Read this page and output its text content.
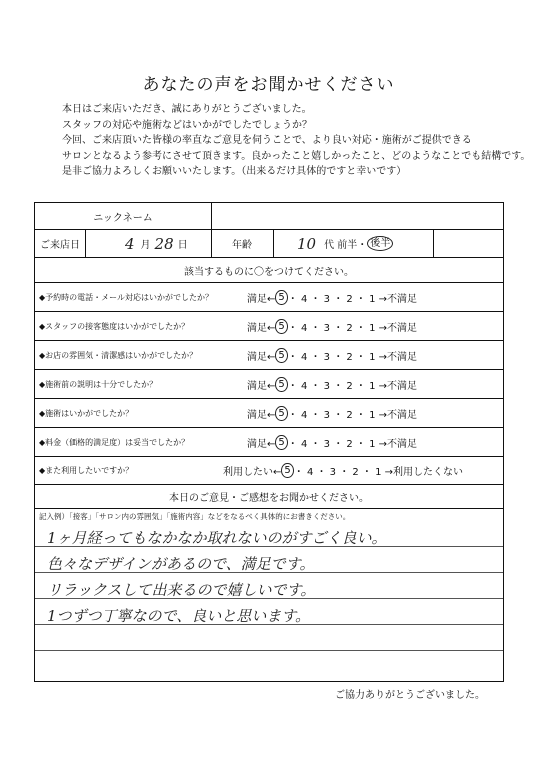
あなたの声をお聞かせください
本日はご来店いただき、誠にありがとうございました。
スタッフの対応や施術などはいかがでしたでしょうか？
今回、ご来店頂いた皆様の率直なご意見を伺うことで、より良い対応・施術がご提供できる
サロンとなるよう参考にさせて頂きます。良かったこと嬉しかったこと、どのようなことでも結構です。
是非ご協力よろしくお願いいたします。（出来るだけ具体的ですと幸いです）
ニックネーム
ご来店日	4 月 28 日	年齢	10 代 前半・ 後半
該当するものに〇をつけてください。
◆予約時の電話・メール対応はいかがでしたか？	満足← 5 ・ 4 ・ 3 ・ 2 ・ 1 →不満足
◆スタッフの接客態度はいかがでしたか？	満足← 5 ・ 4 ・ 3 ・ 2 ・ 1 →不満足
◆お店の雰囲気・清潔感はいかがでしたか？	満足← 5 ・ 4 ・ 3 ・ 2 ・ 1 →不満足
◆施術前の説明は十分でしたか？	満足← 5 ・ 4 ・ 3 ・ 2 ・ 1 →不満足
◆施術はいかがでしたか？	満足← 5 ・ 4 ・ 3 ・ 2 ・ 1 →不満足
◆料金（価格的満足度）は妥当でしたか？	満足← 5 ・ 4 ・ 3 ・ 2 ・ 1 →不満足
◆また利用したいですか？	利用したい← 5 ・ 4 ・ 3 ・ 2 ・ 1 →利用したくない
本日のご意見・ご感想をお聞かせください。
記入例）「接客」「サロン内の雰囲気」「施術内容」などをなるべく具体的にお書きください。
1ヶ月経ってもなかなか取れないのがすごく良い。
色々なデザインがあるので、満足です。
リラックスして出来るので嬉しいです。
1つずつ丁寧なので、良いと思います。
ご協力ありがとうございました。
